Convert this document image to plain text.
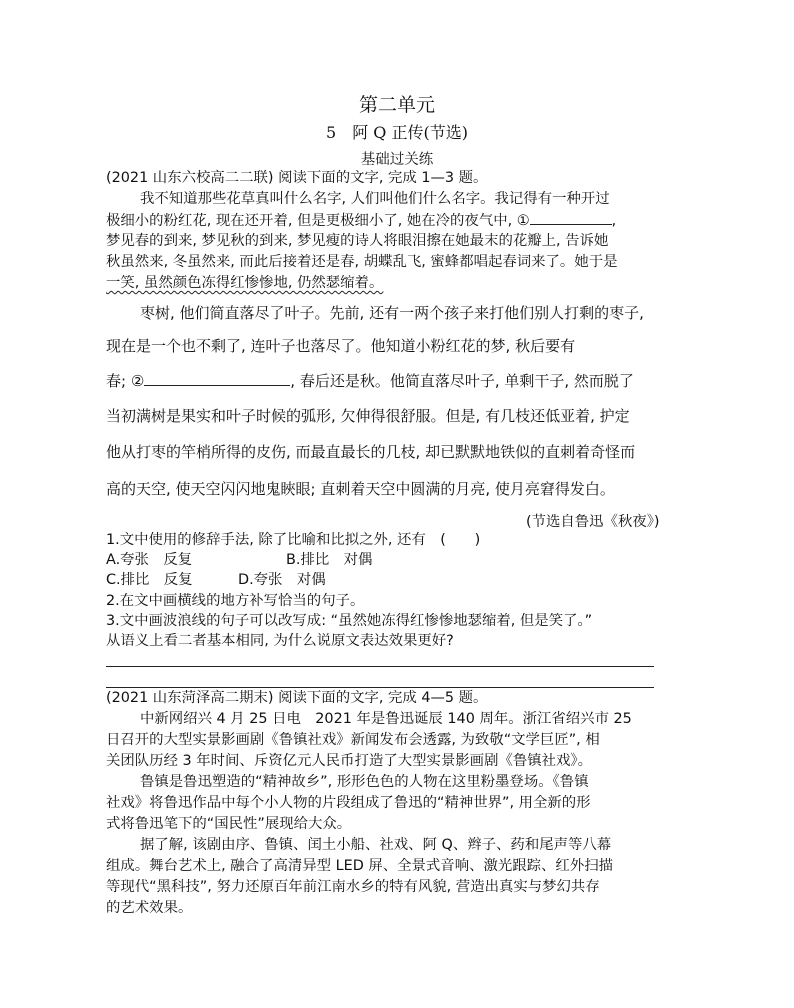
第二单元
5　阿 Q 正传(节选)
基础过关练
(2021 山东六校高二二联) 阅读下面的文字, 完成 1—3 题。
我不知道那些花草真叫什么名字, 人们叫他们什么名字。我记得有一种开过
极细小的粉红花, 现在还开着, 但是更极细小了, 她在冷的夜气中, ①	,
梦见春的到来, 梦见秋的到来, 梦见瘦的诗人将眼泪擦在她最末的花瓣上, 告诉她
秋虽然来, 冬虽然来, 而此后接着还是春, 胡蝶乱飞, 蜜蜂都唱起春词来了。她于是
一笑, 虽然颜色冻得红惨惨地, 仍然瑟缩着。
枣树, 他们简直落尽了叶子。先前, 还有一两个孩子来打他们别人打剩的枣子,
现在是一个也不剩了, 连叶子也落尽了。他知道小粉红花的梦, 秋后要有
春; ②	, 春后还是秋。他简直落尽叶子, 单剩干子, 然而脱了
当初满树是果实和叶子时候的弧形, 欠伸得很舒服。但是, 有几枝还低亚着, 护定
他从打枣的竿梢所得的皮伤, 而最直最长的几枝, 却已默默地铁似的直刺着奇怪而
高的天空, 使天空闪闪地鬼䀹眼; 直刺着天空中圆满的月亮, 使月亮窘得发白。
(节选自鲁迅《秋夜》)
1.文中使用的修辞手法, 除了比喻和比拟之外, 还有　(　　)
A.夸张　反复	B.排比　对偶
C.排比　反复	D.夸张　对偶
2.在文中画横线的地方补写恰当的句子。
3.文中画波浪线的句子可以改写成: “虽然她冻得红惨惨地瑟缩着, 但是笑了。”
从语义上看二者基本相同, 为什么说原文表达效果更好?
(2021 山东菏泽高二期末) 阅读下面的文字, 完成 4—5 题。
中新网绍兴 4 月 25 日电　2021 年是鲁迅诞辰 140 周年。浙江省绍兴市 25
日召开的大型实景影画剧《鲁镇社戏》新闻发布会透露, 为致敬“文学巨匠”, 相
关团队历经 3 年时间、斥资亿元人民币打造了大型实景影画剧《鲁镇社戏》。
鲁镇是鲁迅塑造的“精神故乡”, 形形色色的人物在这里粉墨登场。《鲁镇
社戏》将鲁迅作品中每个小人物的片段组成了鲁迅的“精神世界”, 用全新的形
式将鲁迅笔下的“国民性”展现给大众。
据了解, 该剧由序、鲁镇、闰土小船、社戏、阿 Q、辫子、药和尾声等八幕
组成。舞台艺术上, 融合了高清异型 LED 屏、全景式音响、激光跟踪、红外扫描
等现代“黑科技”, 努力还原百年前江南水乡的特有风貌, 营造出真实与梦幻共存
的艺术效果。
